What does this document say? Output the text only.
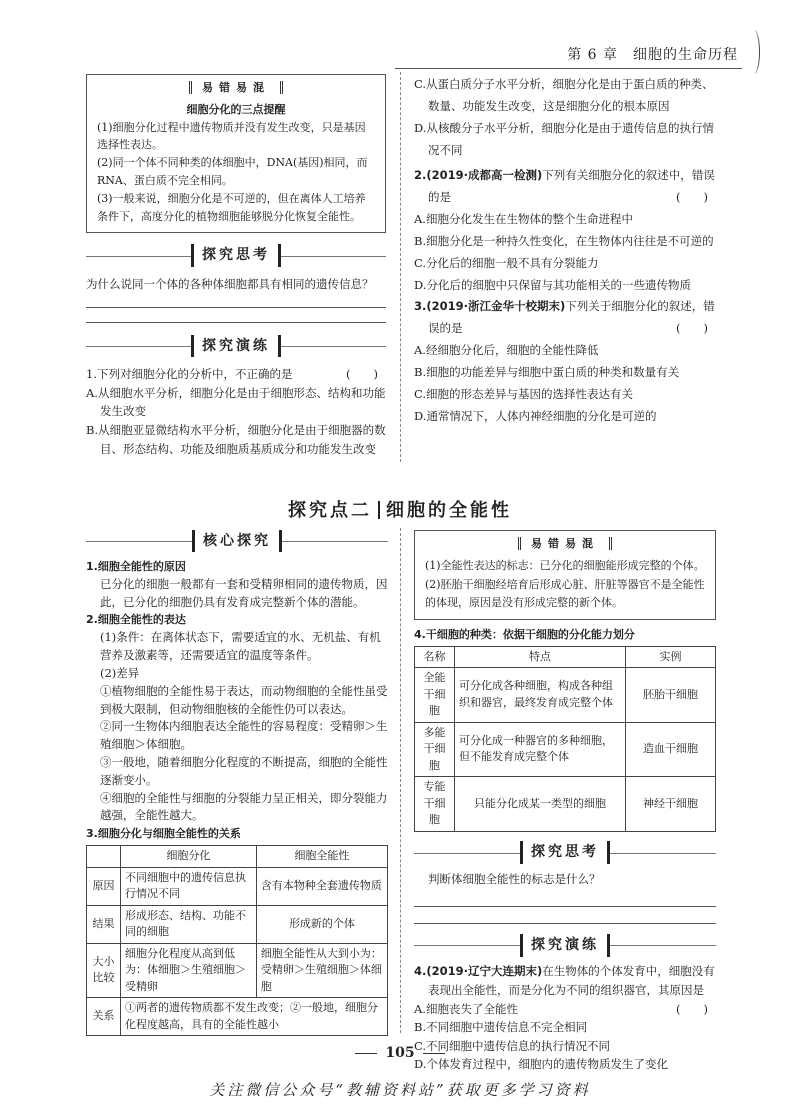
第 6 章　细胞的生命历程
易错易混
细胞分化的三点提醒
(1)细胞分化过程中遗传物质并没有发生改变，只是基因选择性表达。
(2)同一个体不同种类的体细胞中，DNA(基因)相同，而 RNA、蛋白质不完全相同。
(3)一般来说，细胞分化是不可逆的，但在离体人工培养条件下，高度分化的植物细胞能够脱分化恢复全能性。
探究思考
为什么说同一个体的各种体细胞都具有相同的遗传信息？
探究演练
1.下列对细胞分化的分析中，不正确的是	(　　)
A.从细胞水平分析，细胞分化是由于细胞形态、结构和功能发生改变
B.从细胞亚显微结构水平分析，细胞分化是由于细胞器的数目、形态结构、功能及细胞质基质成分和功能发生改变
C.从蛋白质分子水平分析，细胞分化是由于蛋白质的种类、数量、功能发生改变，这是细胞分化的根本原因
D.从核酸分子水平分析，细胞分化是由于遗传信息的执行情况不同
2.(2019·成都高一检测)下列有关细胞分化的叙述中，错误的是	(　　)
A.细胞分化发生在生物体的整个生命进程中
B.细胞分化是一种持久性变化，在生物体内往往是不可逆的
C.分化后的细胞一般不具有分裂能力
D.分化后的细胞中只保留与其功能相关的一些遗传物质
3.(2019·浙江金华十校期末)下列关于细胞分化的叙述，错误的是	(　　)
A.经细胞分化后，细胞的全能性降低
B.细胞的功能差异与细胞中蛋白质的种类和数量有关
C.细胞的形态差异与基因的选择性表达有关
D.通常情况下，人体内神经细胞的分化是可逆的
探究点二 细胞的全能性
核心探究
1.细胞全能性的原因
已分化的细胞一般都有一套和受精卵相同的遗传物质，因此，已分化的细胞仍具有发育成完整新个体的潜能。
2.细胞全能性的表达
(1)条件：在离体状态下，需要适宜的水、无机盐、有机营养及激素等，还需要适宜的温度等条件。
(2)差异
①植物细胞的全能性易于表达，而动物细胞的全能性虽受到极大限制，但动物细胞核的全能性仍可以表达。
②同一生物体内细胞表达全能性的容易程度：受精卵＞生殖细胞＞体细胞。
③一般地，随着细胞分化程度的不断提高，细胞的全能性逐渐变小。
④细胞的全能性与细胞的分裂能力呈正相关，即分裂能力越强，全能性越大。
3.细胞分化与细胞全能性的关系
	细胞分化	细胞全能性
原因	不同细胞中的遗传信息执行情况不同	含有本物种全套遗传物质
结果	形成形态、结构、功能不同的细胞	形成新的个体
大小比较	细胞分化程度从高到低为：体细胞＞生殖细胞＞受精卵	细胞全能性从大到小为：受精卵＞生殖细胞＞体细胞
关系	①两者的遗传物质都不发生改变；②一般地，细胞分化程度越高，具有的全能性越小	
易错易混
(1)全能性表达的标志：已分化的细胞能形成完整的个体。
(2)胚胎干细胞经培育后形成心脏、肝脏等器官不是全能性的体现，原因是没有形成完整的新个体。
4.干细胞的种类：依据干细胞的分化能力划分
名称	特点	实例
全能干细胞	可分化成各种细胞，构成各种组织和器官，最终发育成完整个体	胚胎干细胞
多能干细胞	可分化成一种器官的多种细胞，但不能发育成完整个体	造血干细胞
专能干细胞	只能分化成某一类型的细胞	神经干细胞
探究思考
判断体细胞全能性的标志是什么？
探究演练
4.(2019·辽宁大连期末)在生物体的个体发育中，细胞没有表现出全能性，而是分化为不同的组织器官，其原因是
(　　)
A.细胞丧失了全能性
B.不同细胞中遗传信息不完全相同
C.不同细胞中遗传信息的执行情况不同
D.个体发育过程中，细胞内的遗传物质发生了变化
105
关注微信公众号“教辅资料站”获取更多学习资料
